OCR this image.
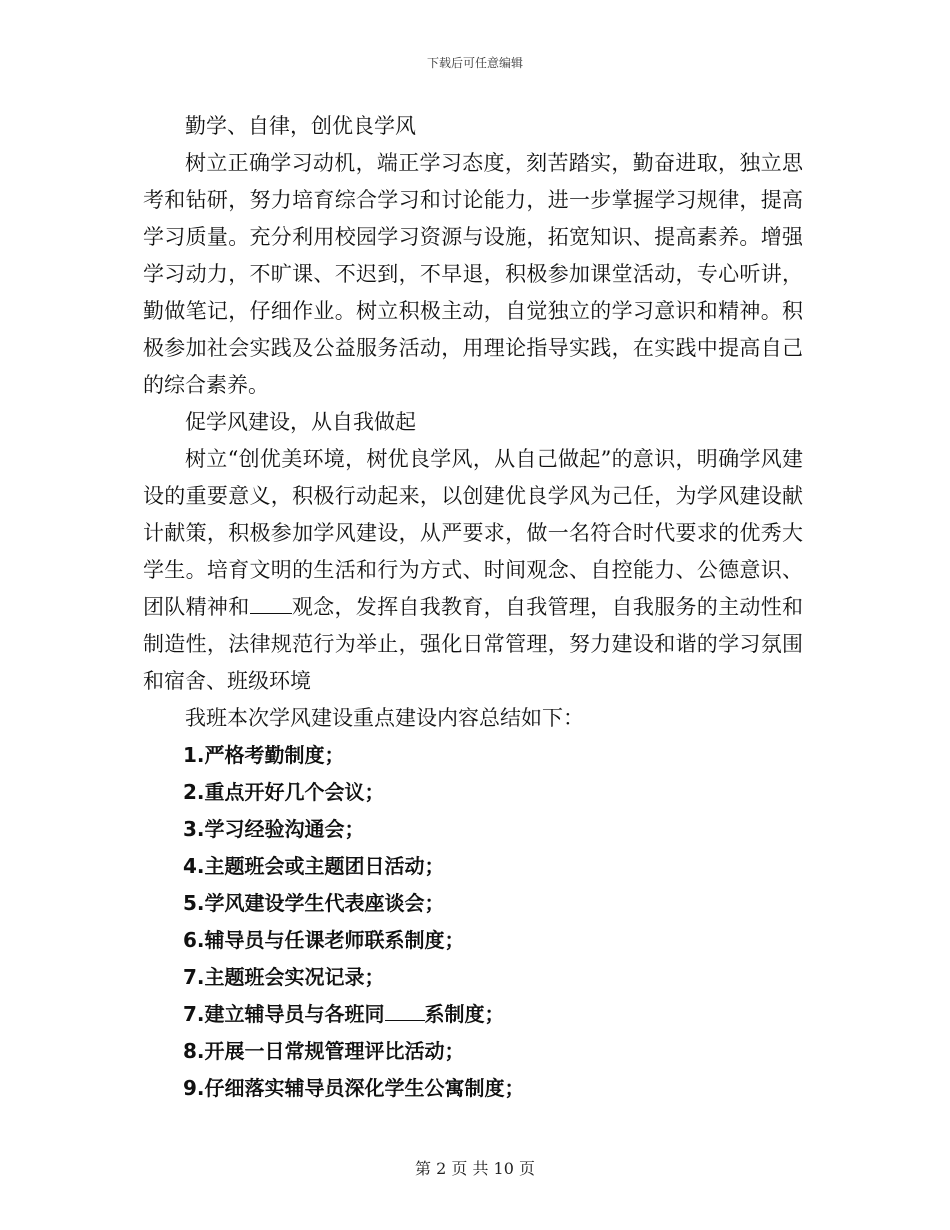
下载后可任意编辑

勤学、自律，创优良学风

树立正确学习动机，端正学习态度，刻苦踏实，勤奋进取，独立思考和钻研，努力培育综合学习和讨论能力，进一步掌握学习规律，提高学习质量。充分利用校园学习资源与设施，拓宽知识、提高素养。增强学习动力，不旷课、不迟到，不早退，积极参加课堂活动，专心听讲，勤做笔记，仔细作业。树立积极主动，自觉独立的学习意识和精神。积极参加社会实践及公益服务活动，用理论指导实践，在实践中提高自己的综合素养。

促学风建设，从自我做起

树立“创优美环境，树优良学风，从自己做起”的意识，明确学风建设的重要意义，积极行动起来，以创建优良学风为己任，为学风建设献计献策，积极参加学风建设，从严要求，做一名符合时代要求的优秀大学生。培育文明的生活和行为方式、时间观念、自控能力、公德意识、团队精神和 观念，发挥自我教育，自我管理，自我服务的主动性和制造性，法律规范行为举止，强化日常管理，努力建设和谐的学习氛围和宿舍、班级环境

我班本次学风建设重点建设内容总结如下：

1.严格考勤制度；
2.重点开好几个会议；
3.学习经验沟通会；
4.主题班会或主题团日活动；
5.学风建设学生代表座谈会；
6.辅导员与任课老师联系制度；
7.主题班会实况记录；
7.建立辅导员与各班同 系制度；
8.开展一日常规管理评比活动；
9.仔细落实辅导员深化学生公寓制度；
第 2 页 共 10 页
